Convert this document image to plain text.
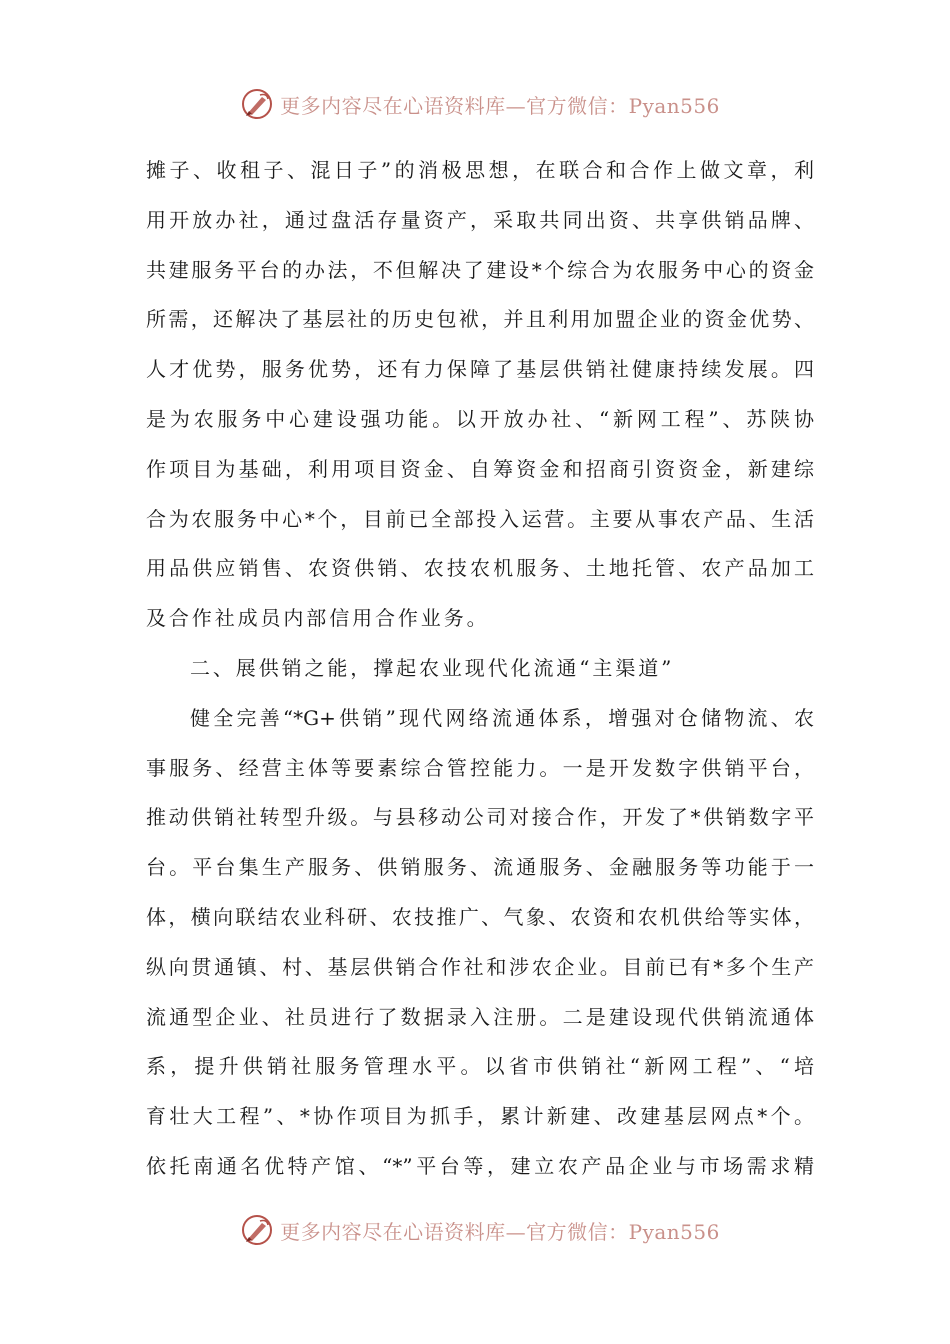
更多内容尽在心语资料库—官方微信：Pyan556
摊子、收租子、混日子”的消极思想，在联合和合作上做文章，利
用开放办社，通过盘活存量资产，采取共同出资、共享供销品牌、
共建服务平台的办法，不但解决了建设*个综合为农服务中心的资金
所需，还解决了基层社的历史包袱，并且利用加盟企业的资金优势、
人才优势，服务优势，还有力保障了基层供销社健康持续发展。四
是为农服务中心建设强功能。以开放办社、“新网工程”、苏陕协
作项目为基础，利用项目资金、自筹资金和招商引资资金，新建综
合为农服务中心*个，目前已全部投入运营。主要从事农产品、生活
用品供应销售、农资供销、农技农机服务、土地托管、农产品加工
及合作社成员内部信用合作业务。
二、展供销之能，撑起农业现代化流通“主渠道”
健全完善“*G+供销”现代网络流通体系，增强对仓储物流、农
事服务、经营主体等要素综合管控能力。一是开发数字供销平台，
推动供销社转型升级。与县移动公司对接合作，开发了*供销数字平
台。平台集生产服务、供销服务、流通服务、金融服务等功能于一
体，横向联结农业科研、农技推广、气象、农资和农机供给等实体，
纵向贯通镇、村、基层供销合作社和涉农企业。目前已有*多个生产
流通型企业、社员进行了数据录入注册。二是建设现代供销流通体
系，提升供销社服务管理水平。以省市供销社“新网工程”、“培
育壮大工程”、*协作项目为抓手，累计新建、改建基层网点*个。
依托南通名优特产馆、“*”平台等，建立农产品企业与市场需求精
更多内容尽在心语资料库—官方微信：Pyan556
